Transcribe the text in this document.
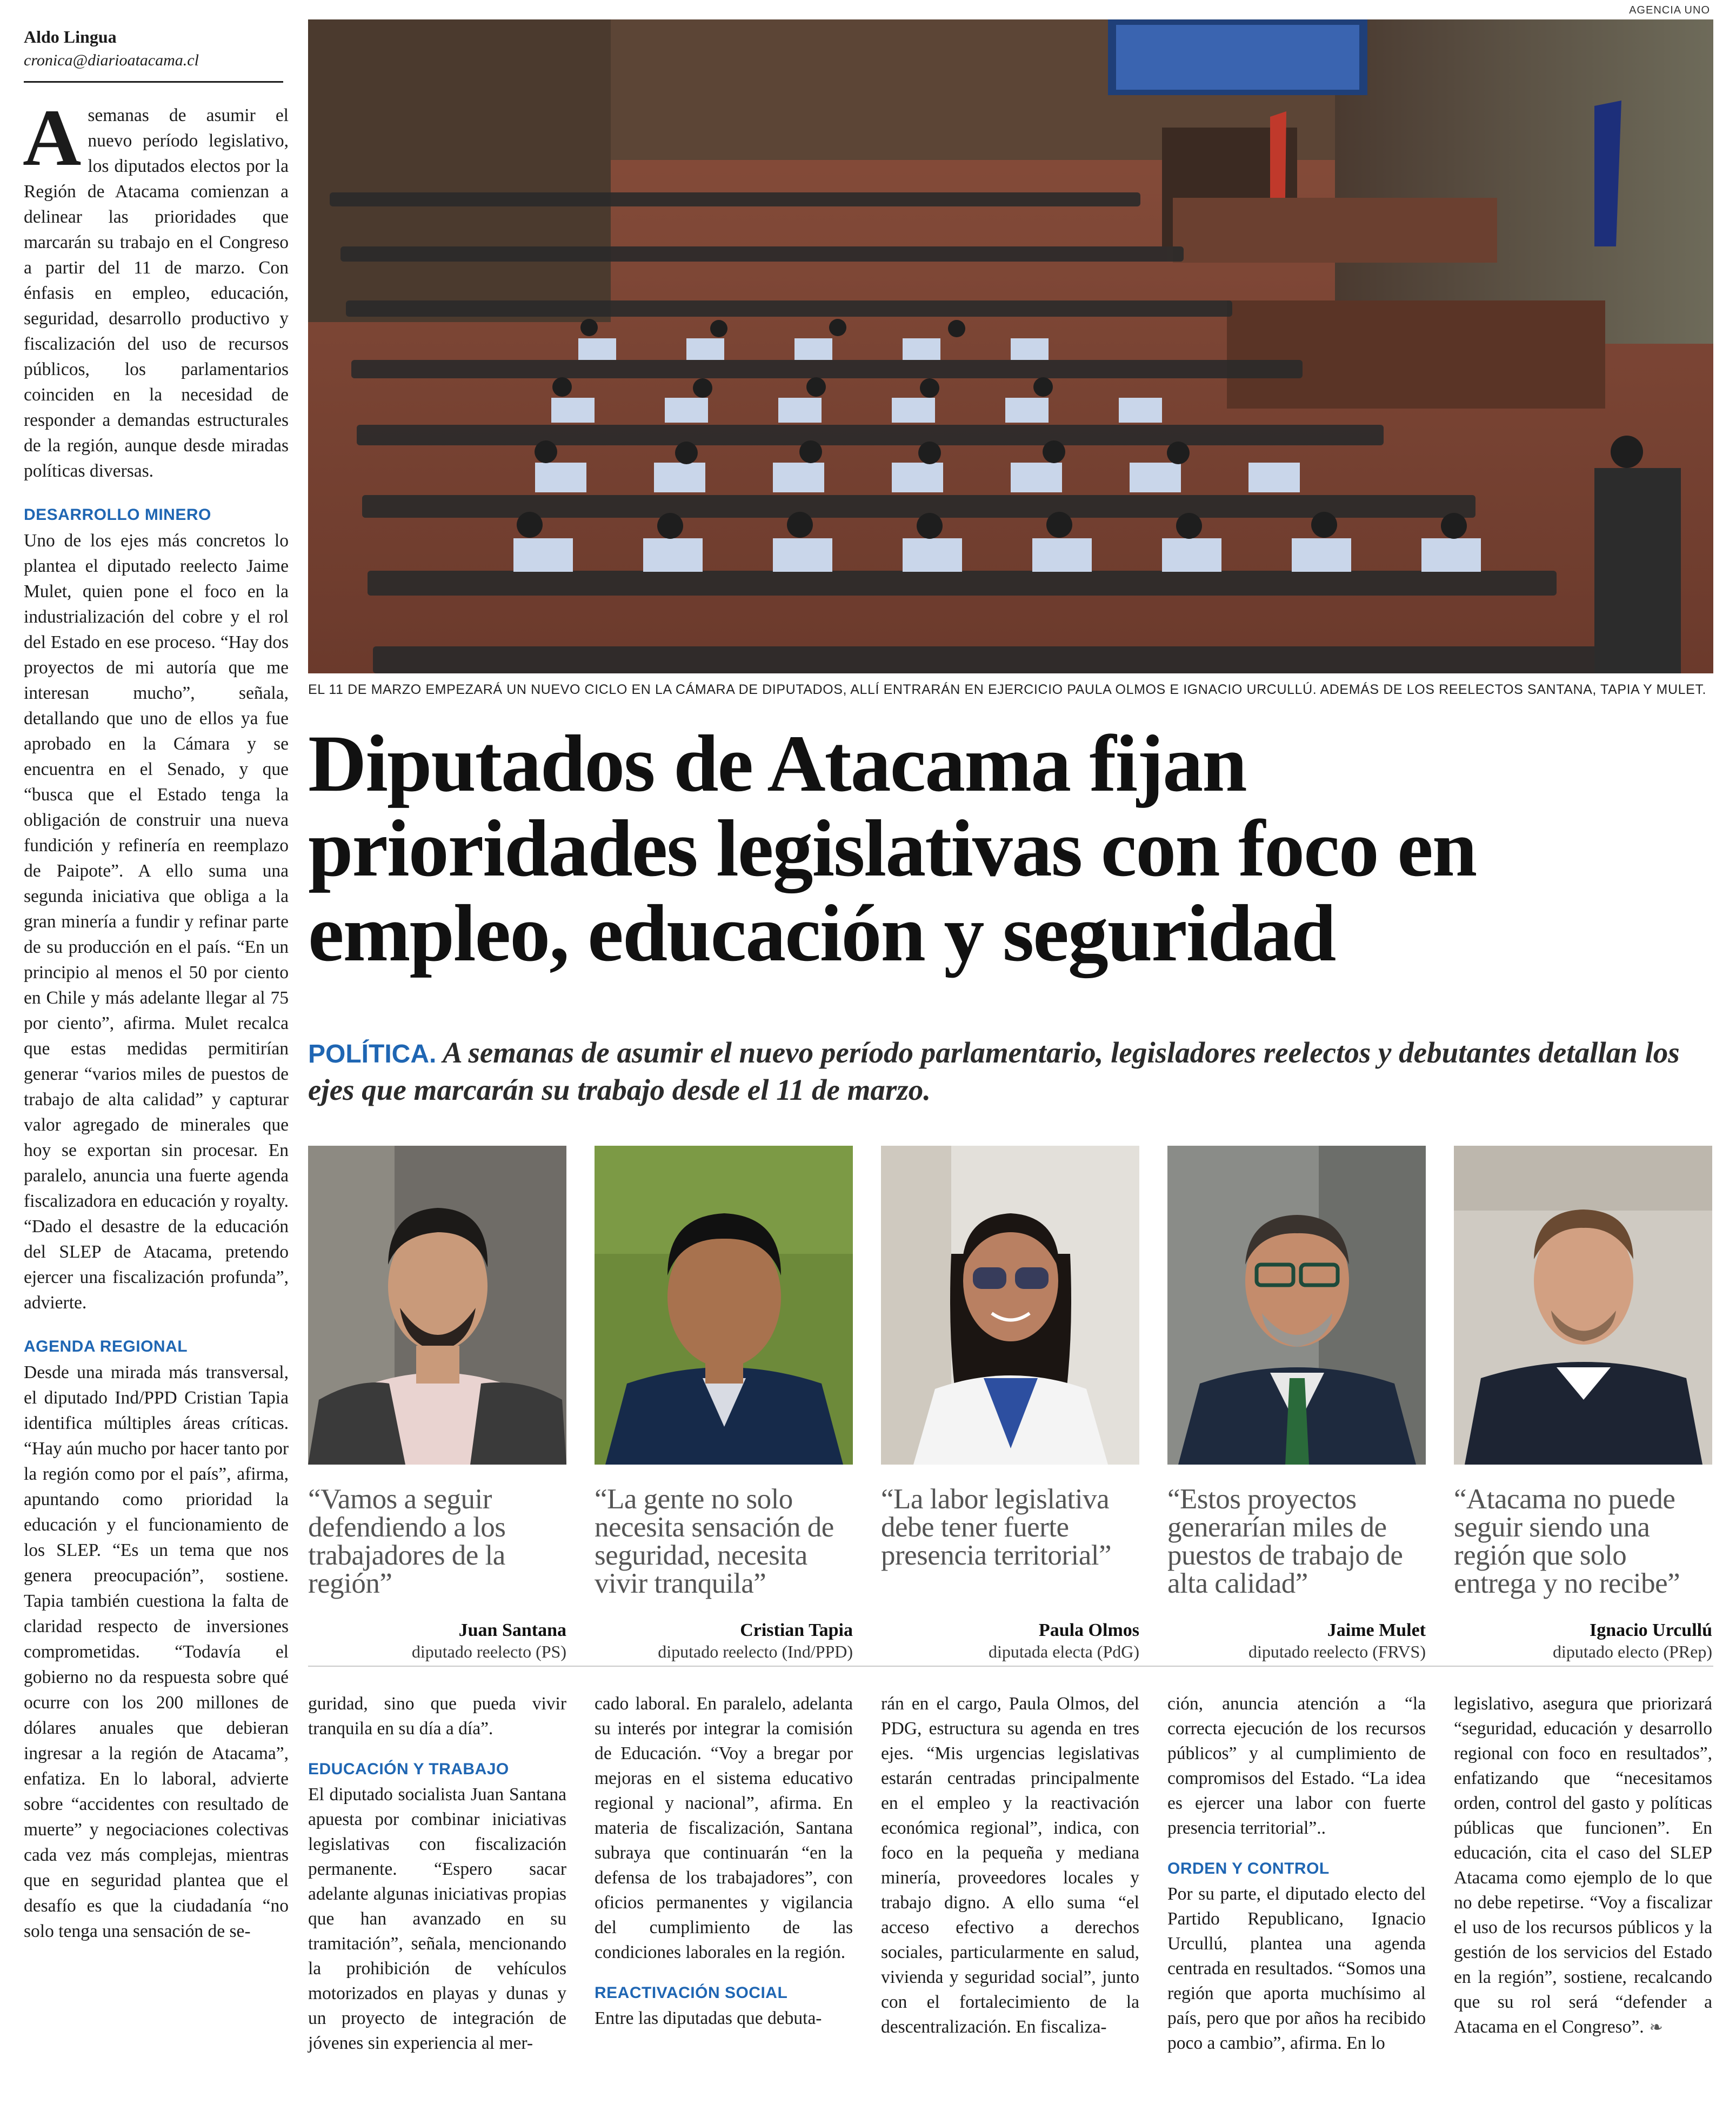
Aldo Lingua
cronica@diarioatacama.cl

Asemanas de asumir el nuevo período legislativo, los diputados electos por la Región de Atacama comienzan a delinear las prioridades que marcarán su trabajo en el Congreso a partir del 11 de marzo. Con énfasis en empleo, educación, seguridad, desarrollo productivo y fiscalización del uso de recursos públicos, los parlamentarios coinciden en la necesidad de responder a demandas estructurales de la región, aunque desde miradas políticas diversas.

DESARROLLO MINERO

Uno de los ejes más concretos lo plantea el diputado reelecto Jaime Mulet, quien pone el foco en la industrialización del cobre y el rol del Estado en ese proceso. “Hay dos proyectos de mi autoría que me interesan mucho”, señala, detallando que uno de ellos ya fue aprobado en la Cámara y se encuentra en el Senado, y que “busca que el Estado tenga la obligación de construir una nueva fundición y refinería en reemplazo de Paipote”. A ello suma una segunda iniciativa que obliga a la gran minería a fundir y refinar parte de su producción en el país. “En un principio al menos el 50 por ciento en Chile y más adelante llegar al 75 por ciento”, afirma. Mulet recalca que estas medidas permitirían generar “varios miles de puestos de trabajo de alta calidad” y capturar valor agregado de minerales que hoy se exportan sin procesar. En paralelo, anuncia una fuerte agenda fiscalizadora en educación y royalty. “Dado el desastre de la educación del SLEP de Atacama, pretendo ejercer una fiscalización profunda”, advierte.

AGENDA REGIONAL

Desde una mirada más transversal, el diputado Ind/PPD Cristian Tapia identifica múltiples áreas críticas. “Hay aún mucho por hacer tanto por la región como por el país”, afirma, apuntando como prioridad la educación y el funcionamiento de los SLEP. “Es un tema que nos genera preocupación”, sostiene. Tapia también cuestiona la falta de claridad respecto de inversiones comprometidas. “Todavía el gobierno no da respuesta sobre qué ocurre con los 200 millones de dólares anuales que debieran ingresar a la región de Atacama”, enfatiza. En lo laboral, advierte sobre “accidentes con resultado de muerte” y negociaciones colectivas cada vez más complejas, mientras que en seguridad plantea que el desafío es que la ciudadanía “no solo tenga una sensación de se-

AGENCIA UNO
EL 11 DE MARZO EMPEZARÁ UN NUEVO CICLO EN LA CÁMARA DE DIPUTADOS, ALLÍ ENTRARÁN EN EJERCICIO PAULA OLMOS E IGNACIO URCULLÚ. ADEMÁS DE LOS REELECTOS SANTANA, TAPIA Y MULET.
Diputados de Atacama fijan
prioridades legislativas con foco en
empleo, educación y seguridad
POLÍTICA. A semanas de asumir el nuevo período parlamentario, legisladores reelectos y debutantes detallan los ejes que marcarán su trabajo desde el 11 de marzo.
“Vamos a seguir defendiendo a los trabajadores de la región”
Juan Santana
diputado reelecto (PS)
“La gente no solo necesita sensación de seguridad, necesita vivir tranquila”
Cristian Tapia
diputado reelecto (Ind/PPD)
“La labor legislativa debe tener fuerte presencia territorial”
Paula Olmos
diputada electa (PdG)
“Estos proyectos generarían miles de puestos de trabajo de alta calidad”
Jaime Mulet
diputado reelecto (FRVS)
“Atacama no puede seguir siendo una región que solo entrega y no recibe”
Ignacio Urcullú
diputado electo (PRep)

guridad, sino que pueda vivir tranquila en su día a día”.

EDUCACIÓN Y TRABAJO

El diputado socialista Juan Santana apuesta por combinar iniciativas legislativas con fiscalización permanente. “Espero sacar adelante algunas iniciativas propias que han avanzado en su tramitación”, señala, mencionando la prohibición de vehículos motorizados en playas y dunas y un proyecto de integración de jóvenes sin experiencia al mer-

cado laboral. En paralelo, adelanta su interés por integrar la comisión de Educación. “Voy a bregar por mejoras en el sistema educativo regional y nacional”, afirma. En materia de fiscalización, Santana subraya que continuarán “en la defensa de los trabajadores”, con oficios permanentes y vigilancia del cumplimiento de las condiciones laborales en la región.

REACTIVACIÓN SOCIAL

Entre las diputadas que debuta-

rán en el cargo, Paula Olmos, del PDG, estructura su agenda en tres ejes. “Mis urgencias legislativas estarán centradas principalmente en el empleo y la reactivación económica regional”, indica, con foco en la pequeña y mediana minería, proveedores locales y trabajo digno. A ello suma “el acceso efectivo a derechos sociales, particularmente en salud, vivienda y seguridad social”, junto con el fortalecimiento de la descentralización. En fiscaliza-

ción, anuncia atención a “la correcta ejecución de los recursos públicos” y al cumplimiento de compromisos del Estado. “La idea es ejercer una labor con fuerte presencia territorial”..

ORDEN Y CONTROL

Por su parte, el diputado electo del Partido Republicano, Ignacio Urcullú, plantea una agenda centrada en resultados. “Somos una región que aporta muchísimo al país, pero que por años ha recibido poco a cambio”, afirma. En lo

legislativo, asegura que priorizará “seguridad, educación y desarrollo regional con foco en resultados”, enfatizando que “necesitamos orden, control del gasto y políticas públicas que funcionen”. En educación, cita el caso del SLEP Atacama como ejemplo de lo que no debe repetirse. “Voy a fiscalizar el uso de los recursos públicos y la gestión de los servicios del Estado en la región”, sostiene, recalcando que su rol será “defender a Atacama en el Congreso”. ❧
